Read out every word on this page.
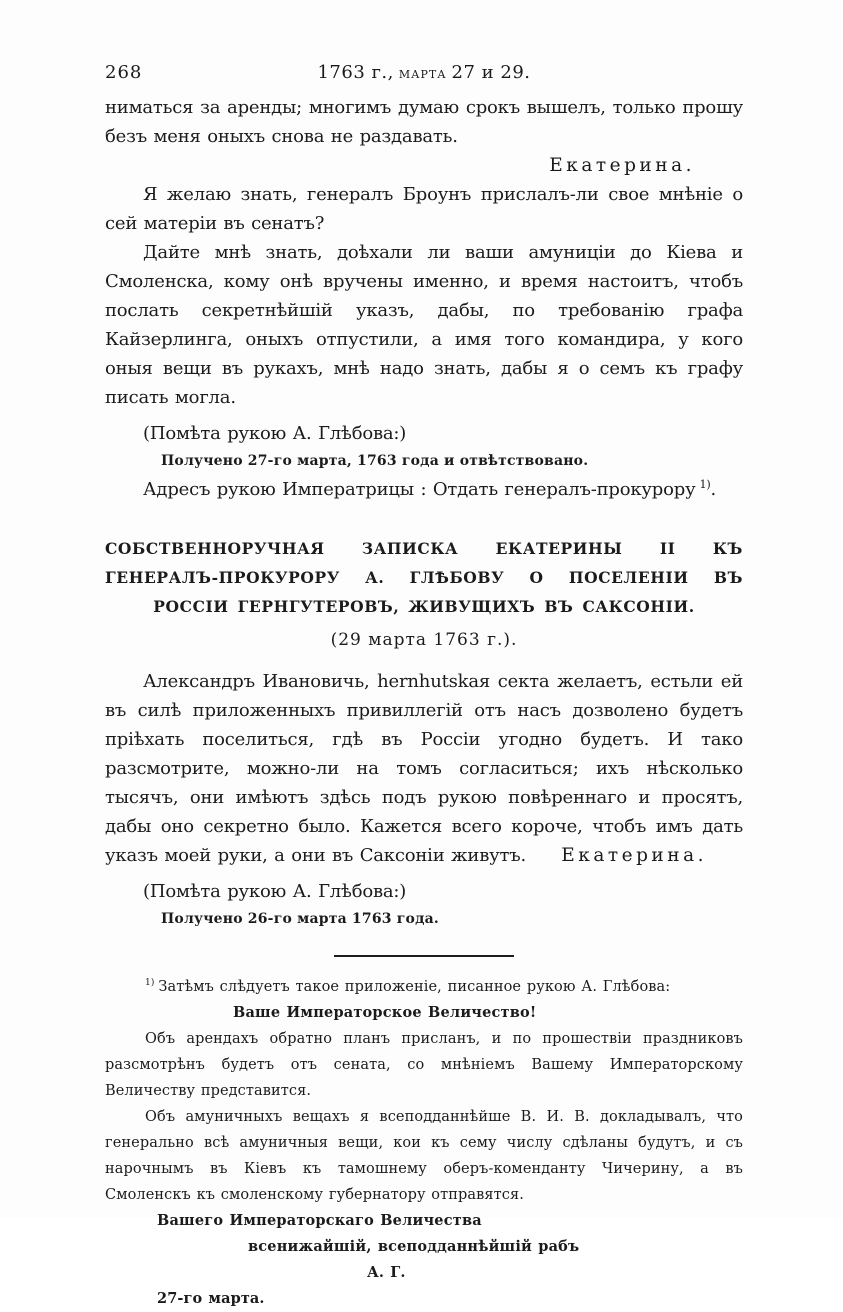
268	1763 г., марта 27 и 29.

ниматься за аренды; многимъ думаю срокъ вышелъ, только прошу безъ меня оныхъ снова не раздавать.

Екатерина.

Я желаю знать, генералъ Броунъ прислалъ-ли свое мнѣніе о сей матеріи въ сенатъ?

Дайте мнѣ знать, доѣхали ли ваши амуниціи до Кіева и Смоленска, кому онѣ вручены именно, и время настоитъ, чтобъ послать секретнѣйшій указъ, дабы, по требованію графа Кайзерлинга, оныхъ отпустили, а имя того командира, у кого оныя вещи въ рукахъ, мнѣ надо знать, дабы я о семъ къ графу писать могла.

(Помѣта рукою А. Глѣбова:)

Получено 27-го марта, 1763 года и отвѣтствовано.

Адресъ рукою Императрицы : Отдать генералъ-прокурору $^{1)}$.

СОБСТВЕННОРУЧНАЯ ЗАПИСКА ЕКАТЕРИНЫ II КЪ ГЕНЕРАЛЪ-ПРОКУРОРУ А. ГЛѢБОВУ О ПОСЕЛЕНІИ ВЪ РОССІИ ГЕРНГУТЕРОВЪ, ЖИВУЩИХЪ ВЪ САКСОНІИ.

(29 марта 1763 г.).

Александръ Ивановичь, hernhutskая секта желаетъ, естьли ей въ силѣ приложенныхъ привиллегій отъ насъ дозволено будетъ пріѣхать поселиться, гдѣ въ Россіи угодно будетъ. И тако разсмотрите, можно-ли на томъ согласиться; ихъ нѣсколько тысячъ, они имѣютъ здѣсь подъ рукою повѣреннаго и просятъ, дабы оно секретно было. Кажется всего короче, чтобъ имъ дать указъ моей руки, а они въ Саксоніи живутъ. Екатерина.

(Помѣта рукою А. Глѣбова:)

Получено 26-го марта 1763 года.

$^{1)}$ Затѣмъ слѣдуетъ такое приложеніе, писанное рукою А. Глѣбова:

Ваше Императорское Величество!

Объ арендахъ обратно планъ присланъ, и по прошествіи праздниковъ разсмотрѣнъ будетъ отъ сената, со мнѣніемъ Вашему Императорскому Величеству представится.

Объ амуничныхъ вещахъ я всеподданнѣйше В. И. В. докладывалъ, что генерально всѣ амуничныя вещи, кои къ сему числу сдѣланы будутъ, и съ нарочнымъ въ Кіевъ къ тамошнему оберъ-коменданту Чичерину, а въ Смоленскъ къ смоленскому губернатору отправятся.

Вашего Императорскаго Величества

всенижайшій, всеподданнѣйшій рабъ

А. Г.

27-го марта.
